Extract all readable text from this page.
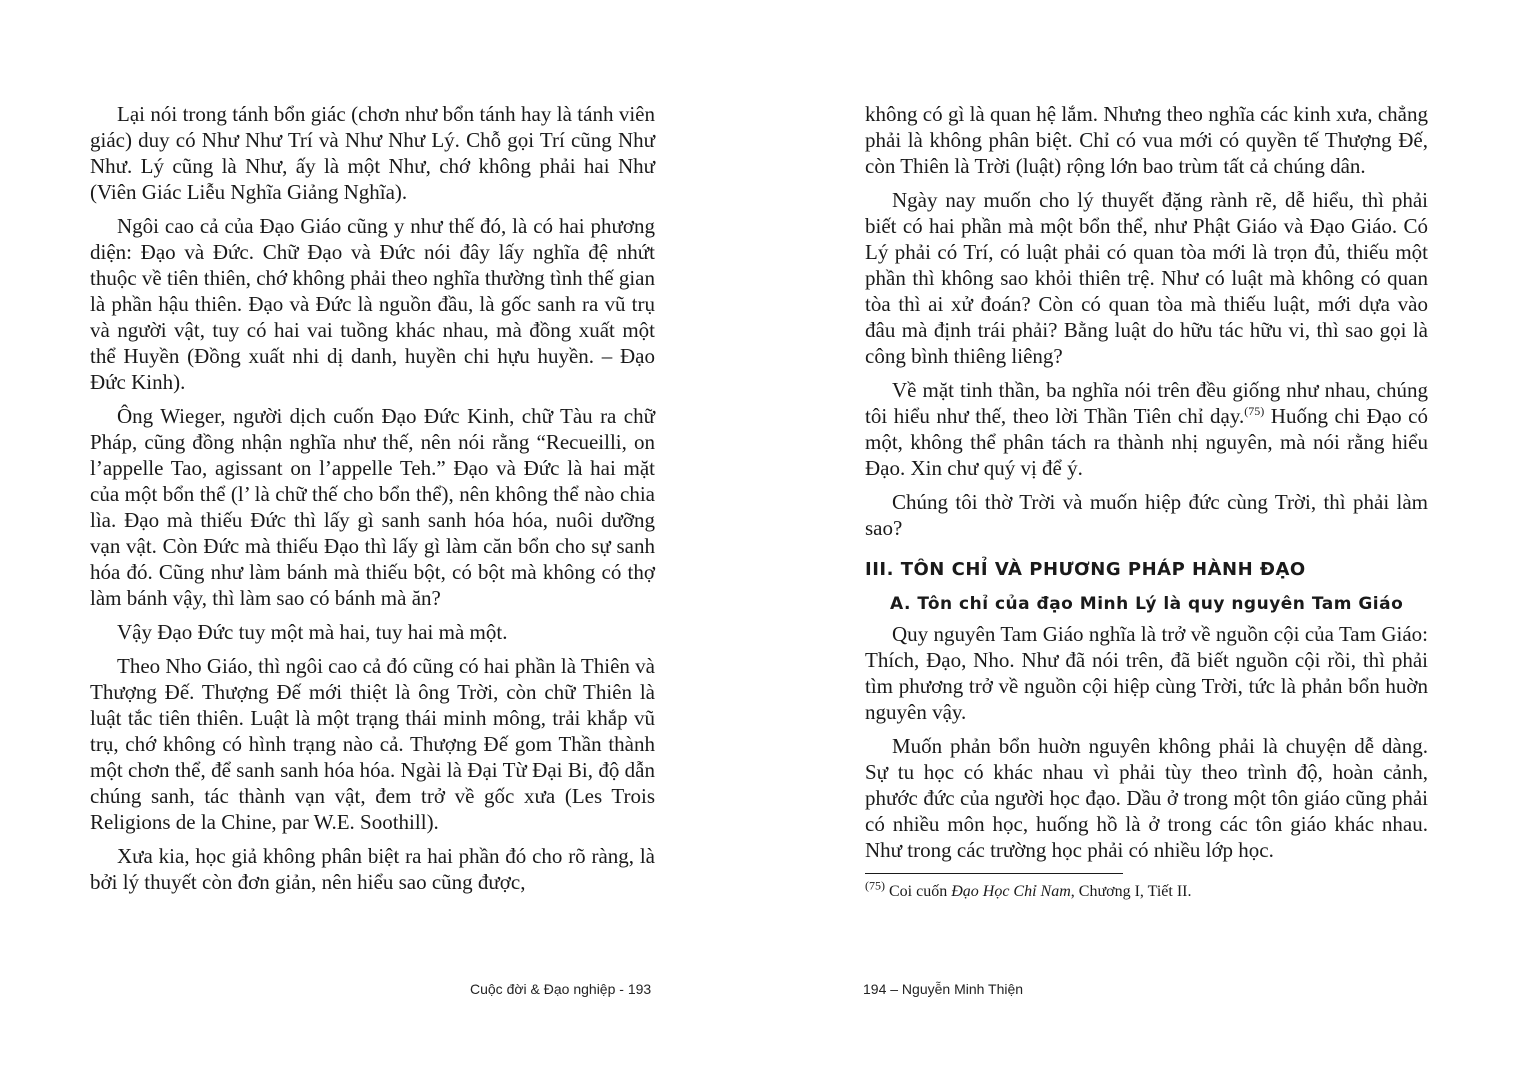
Lại nói trong tánh bổn giác (chơn như bổn tánh hay là tánh viên giác) duy có Như Như Trí và Như Như Lý. Chỗ gọi Trí cũng Như Như. Lý cũng là Như, ấy là một Như, chớ không phải hai Như (Viên Giác Liễu Nghĩa Giảng Nghĩa).

Ngôi cao cả của Đạo Giáo cũng y như thế đó, là có hai phương diện: Đạo và Đức. Chữ Đạo và Đức nói đây lấy nghĩa đệ nhứt thuộc về tiên thiên, chớ không phải theo nghĩa thường tình thế gian là phần hậu thiên. Đạo và Đức là nguồn đầu, là gốc sanh ra vũ trụ và người vật, tuy có hai vai tuồng khác nhau, mà đồng xuất một thể Huyền (Đồng xuất nhi dị danh, huyền chi hựu huyền. – Đạo Đức Kinh).

Ông Wieger, người dịch cuốn Đạo Đức Kinh, chữ Tàu ra chữ Pháp, cũng đồng nhận nghĩa như thế, nên nói rằng “Recueilli, on l’appelle Tao, agissant on l’appelle Teh.” Đạo và Đức là hai mặt của một bổn thể (l’ là chữ thế cho bổn thể), nên không thể nào chia lìa. Đạo mà thiếu Đức thì lấy gì sanh sanh hóa hóa, nuôi dưỡng vạn vật. Còn Đức mà thiếu Đạo thì lấy gì làm căn bổn cho sự sanh hóa đó. Cũng như làm bánh mà thiếu bột, có bột mà không có thợ làm bánh vậy, thì làm sao có bánh mà ăn?

Vậy Đạo Đức tuy một mà hai, tuy hai mà một.

Theo Nho Giáo, thì ngôi cao cả đó cũng có hai phần là Thiên và Thượng Đế. Thượng Đế mới thiệt là ông Trời, còn chữ Thiên là luật tắc tiên thiên. Luật là một trạng thái minh mông, trải khắp vũ trụ, chớ không có hình trạng nào cả. Thượng Đế gom Thần thành một chơn thể, để sanh sanh hóa hóa. Ngài là Đại Từ Đại Bi, độ dẫn chúng sanh, tác thành vạn vật, đem trở về gốc xưa (Les Trois Religions de la Chine, par W.E. Soothill).

Xưa kia, học giả không phân biệt ra hai phần đó cho rõ ràng, là bởi lý thuyết còn đơn giản, nên hiểu sao cũng được,

Cuộc đời & Đạo nghiệp - 193

không có gì là quan hệ lắm. Nhưng theo nghĩa các kinh xưa, chẳng phải là không phân biệt. Chỉ có vua mới có quyền tế Thượng Đế, còn Thiên là Trời (luật) rộng lớn bao trùm tất cả chúng dân.

Ngày nay muốn cho lý thuyết đặng rành rẽ, dễ hiểu, thì phải biết có hai phần mà một bổn thể, như Phật Giáo và Đạo Giáo. Có Lý phải có Trí, có luật phải có quan tòa mới là trọn đủ, thiếu một phần thì không sao khỏi thiên trệ. Như có luật mà không có quan tòa thì ai xử đoán? Còn có quan tòa mà thiếu luật, mới dựa vào đâu mà định trái phải? Bằng luật do hữu tác hữu vi, thì sao gọi là công bình thiêng liêng?

Về mặt tinh thần, ba nghĩa nói trên đều giống như nhau, chúng tôi hiểu như thế, theo lời Thần Tiên chỉ dạy.$^{(75)}$ Huống chi Đạo có một, không thể phân tách ra thành nhị nguyên, mà nói rằng hiểu Đạo. Xin chư quý vị để ý.

Chúng tôi thờ Trời và muốn hiệp đức cùng Trời, thì phải làm sao?

III. TÔN CHỈ VÀ PHƯƠNG PHÁP HÀNH ĐẠO
A. Tôn chỉ của đạo Minh Lý là quy nguyên Tam Giáo

Quy nguyên Tam Giáo nghĩa là trở về nguồn cội của Tam Giáo: Thích, Đạo, Nho. Như đã nói trên, đã biết nguồn cội rồi, thì phải tìm phương trở về nguồn cội hiệp cùng Trời, tức là phản bổn huờn nguyên vậy.

Muốn phản bổn huờn nguyên không phải là chuyện dễ dàng. Sự tu học có khác nhau vì phải tùy theo trình độ, hoàn cảnh, phước đức của người học đạo. Dầu ở trong một tôn giáo cũng phải có nhiều môn học, huống hồ là ở trong các tôn giáo khác nhau. Như trong các trường học phải có nhiều lớp học.

$^{(75)}$ Coi cuốn Đạo Học Chỉ Nam, Chương I, Tiết II.
194 – Nguyễn Minh Thiện
